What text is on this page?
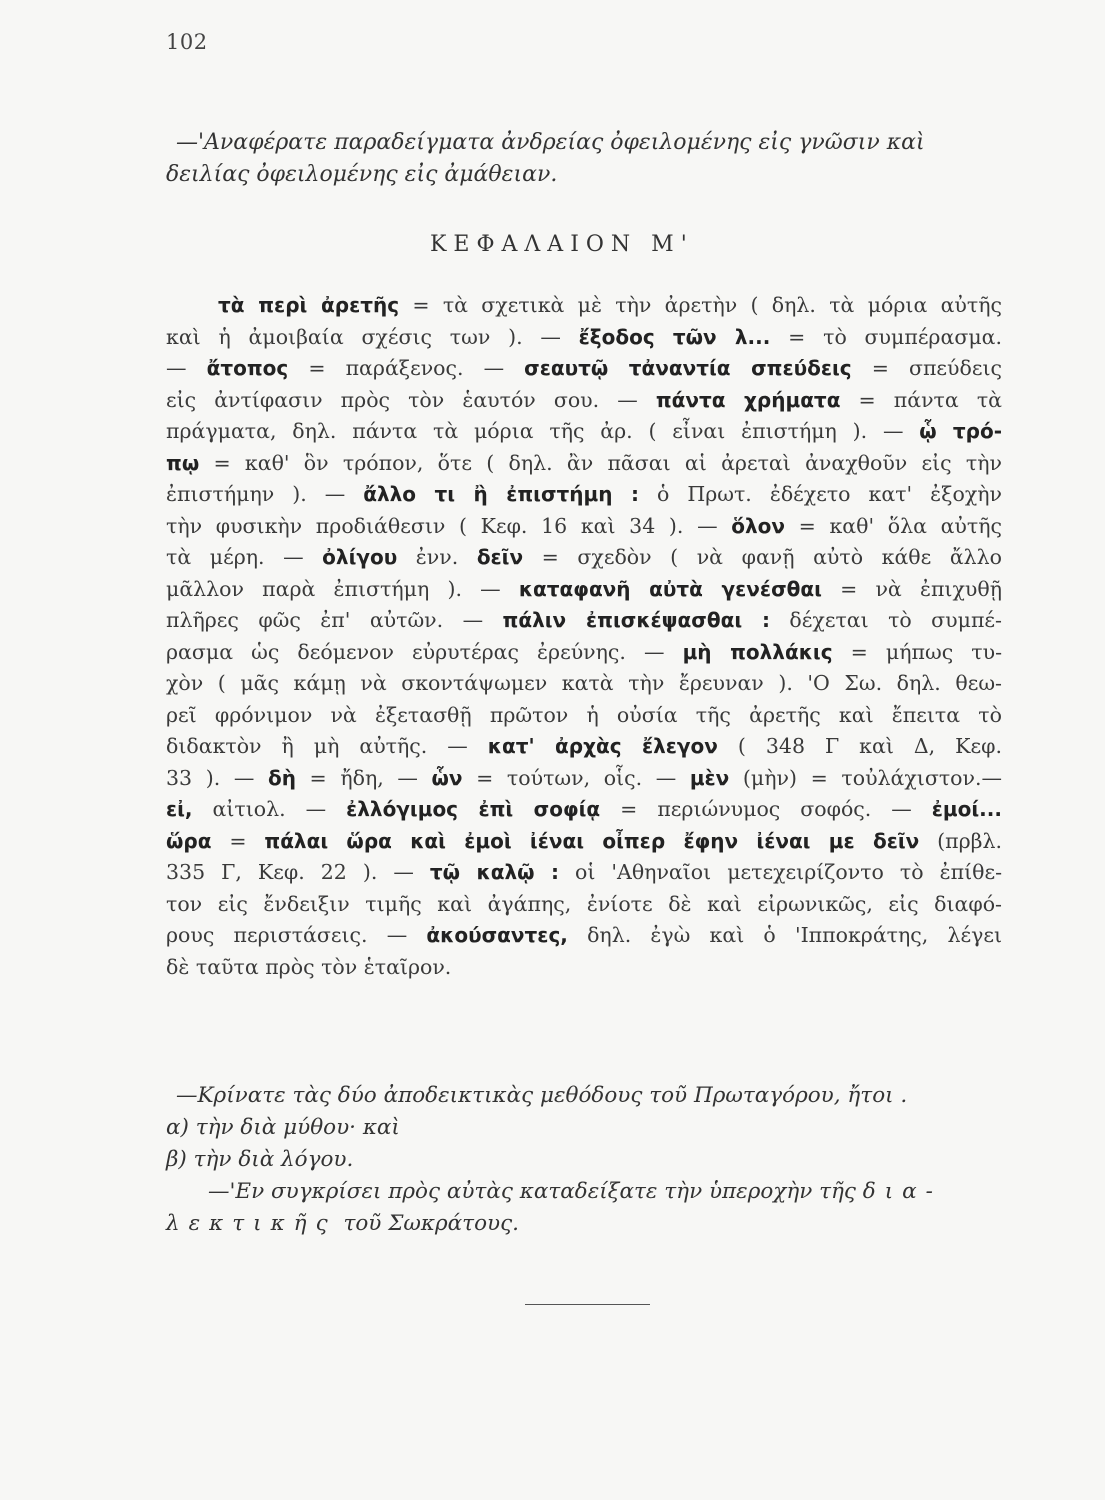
102
—'Αναφέρατε παραδείγματα ἀνδρείας ὀφειλομένης εἰς γνῶσιν καὶ
δειλίας ὀφειλομένης εἰς ἀμάθειαν.
ΚΕΦΑΛΑΙΟΝ Μ'
τὰ περὶ ἀρετῆς = τὰ σχετικὰ μὲ τὴν ἀρετὴν ( δηλ. τὰ μόρια αὐτῆς
καὶ ἡ ἀμοιβαία σχέσις των ). — ἔξοδος τῶν λ... = τὸ συμπέρασμα.
— ἄτοπος = παράξενος. — σεαυτῷ τἀναντία σπεύδεις = σπεύδεις
εἰς ἀντίφασιν πρὸς τὸν ἑαυτόν σου. — πάντα χρήματα = πάντα τὰ
πράγματα, δηλ. πάντα τὰ μόρια τῆς ἀρ. ( εἶναι ἐπιστήμη ). — ᾧ τρό-
πῳ = καθ' ὃν τρόπον, ὅτε ( δηλ. ἂν πᾶσαι αἱ ἀρεταὶ ἀναχθοῦν εἰς τὴν
ἐπιστήμην ). — ἄλλο τι ἢ ἐπιστήμη : ὁ Πρωτ. ἐδέχετο κατ' ἐξοχὴν
τὴν φυσικὴν προδιάθεσιν ( Κεφ. 16 καὶ 34 ). — ὅλον = καθ' ὅλα αὐτῆς
τὰ μέρη. — ὀλίγου ἐνν. δεῖν = σχεδὸν ( νὰ φανῇ αὐτὸ κάθε ἄλλο
μᾶλλον παρὰ ἐπιστήμη ). — καταφανῆ αὐτὰ γενέσθαι = νὰ ἐπιχυθῇ
πλῆρες φῶς ἐπ' αὐτῶν. — πάλιν ἐπισκέψασθαι : δέχεται τὸ συμπέ-
ρασμα ὡς δεόμενον εὐρυτέρας ἐρεύνης. — μὴ πολλάκις = μήπως τυ-
χὸν ( μᾶς κάμῃ νὰ σκοντάψωμεν κατὰ τὴν ἔρευναν ). 'Ο Σω. δηλ. θεω-
ρεῖ φρόνιμον νὰ ἐξετασθῇ πρῶτον ἡ οὐσία τῆς ἀρετῆς καὶ ἔπειτα τὸ
διδακτὸν ἢ μὴ αὐτῆς. — κατ' ἀρχὰς ἔλεγον ( 348 Γ καὶ Δ, Κεφ.
33 ). — δὴ = ἤδη, — ὧν = τούτων, οἷς. — μὲν (μὴν) = τοὐλάχιστον.—
εἰ, αἰτιολ. — ἐλλόγιμος ἐπὶ σοφίᾳ = περιώνυμος σοφός. — ἐμοί...
ὥρα = πάλαι ὥρα καὶ ἐμοὶ ἰέναι οἶπερ ἔφην ἰέναι με δεῖν (πρβλ.
335 Γ, Κεφ. 22 ). — τῷ καλῷ : οἱ 'Αθηναῖοι μετεχειρίζοντο τὸ ἐπίθε-
τον εἰς ἔνδειξιν τιμῆς καὶ ἀγάπης, ἐνίοτε δὲ καὶ εἰρωνικῶς, εἰς διαφό-
ρους περιστάσεις. — ἀκούσαντες, δηλ. ἐγὼ καὶ ὁ 'Ιπποκράτης, λέγει
δὲ ταῦτα πρὸς τὸν ἑταῖρον.
—Κρίνατε τὰς δύο ἀποδεικτικὰς μεθόδους τοῦ Πρωταγόρου, ἤτοι .
α) τὴν διὰ μύθου· καὶ
β) τὴν διὰ λόγου.
—'Εν συγκρίσει πρὸς αὐτὰς καταδείξατε τὴν ὑπεροχὴν τῆς δια-
λεκτικῆς τοῦ Σωκράτους.
